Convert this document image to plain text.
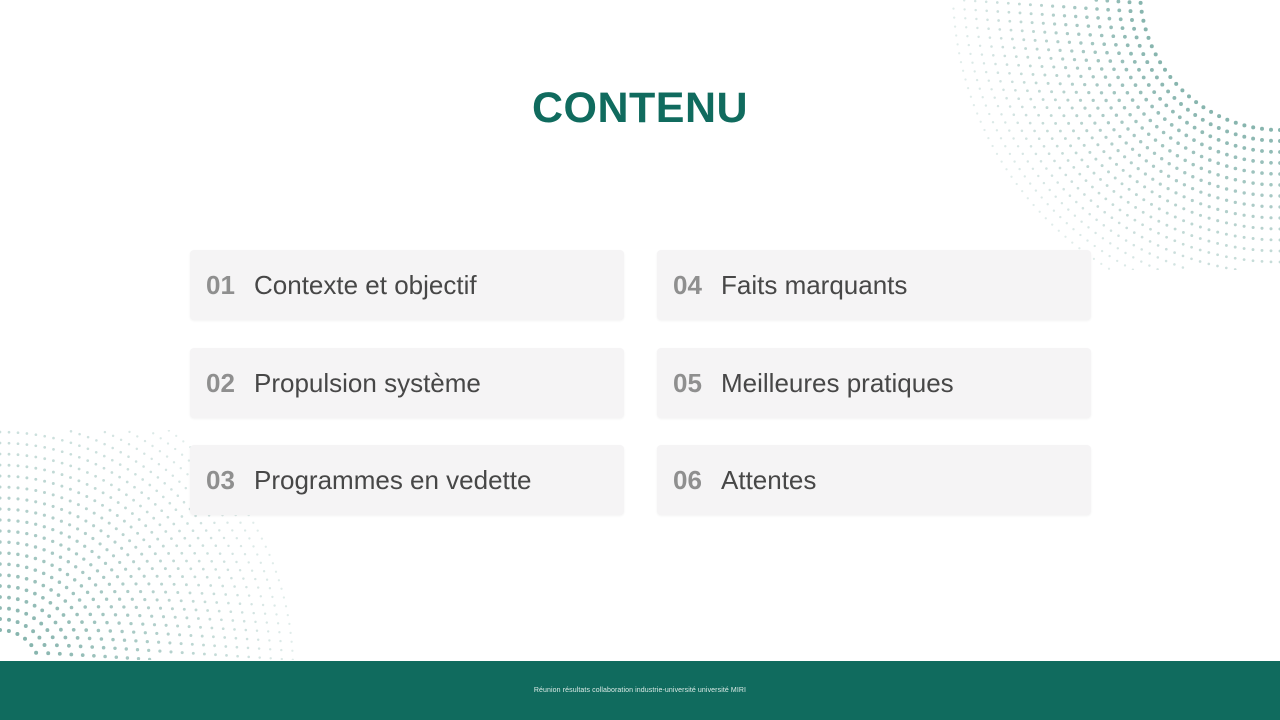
CONTENU
01 Contexte et objectif
02 Propulsion système
03 Programmes en vedette
04 Faits marquants
05 Meilleures pratiques
06 Attentes
Réunion résultats collaboration industrie-université université MIRI
